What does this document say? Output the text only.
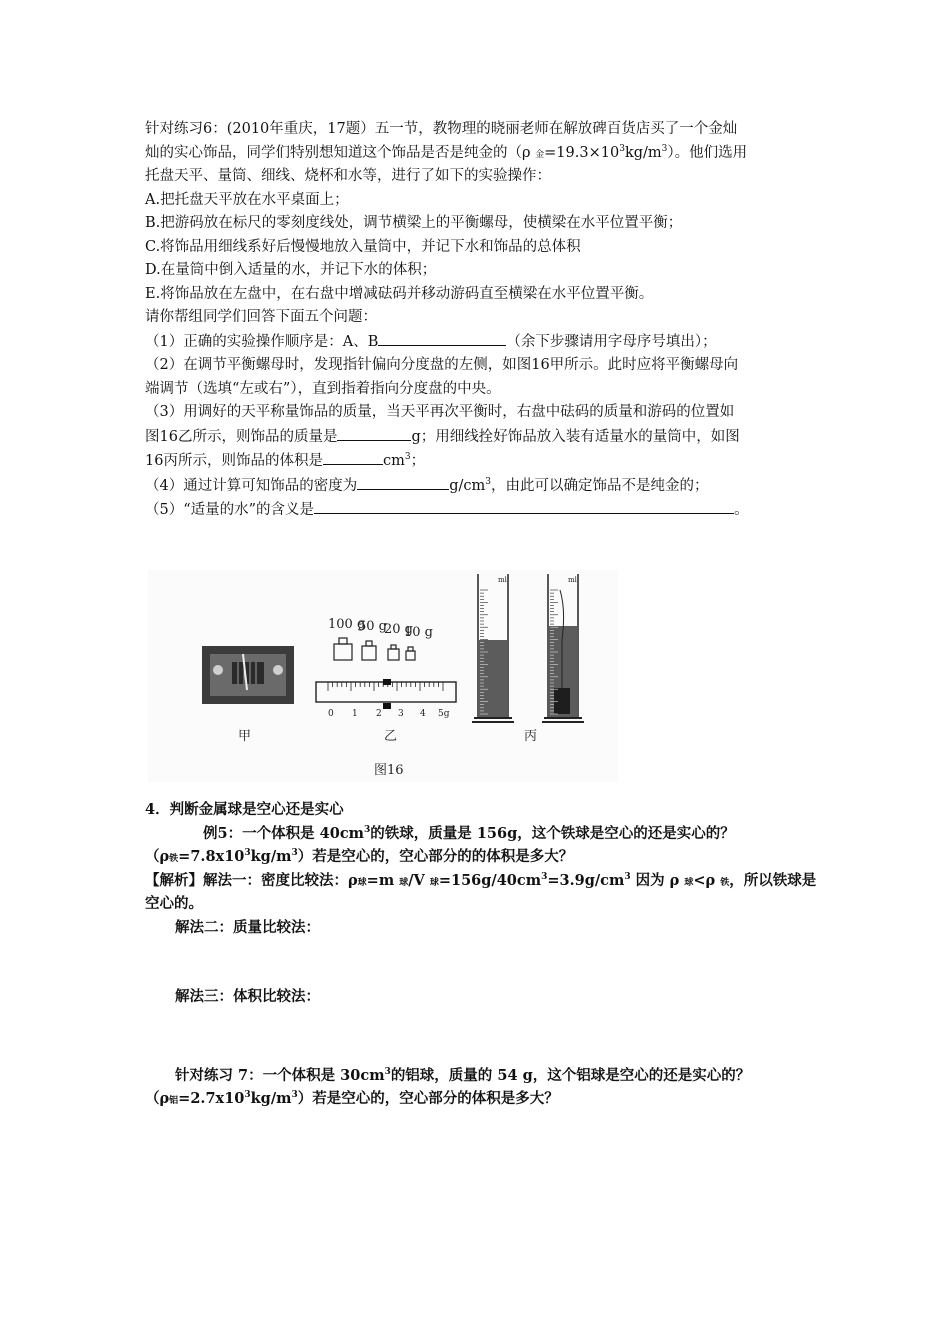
针对练习6：(2010年重庆，17题）五一节，教物理的晓丽老师在解放碑百货店买了一个金灿
灿的实心饰品，同学们特别想知道这个饰品是否是纯金的（ρ 金$=19.3\times 10^3kg/m^3$）。他们选用
托盘天平、量筒、细线、烧杯和水等，进行了如下的实验操作：
A.把托盘天平放在水平桌面上；
B.把游码放在标尺的零刻度线处，调节横梁上的平衡螺母，使横梁在水平位置平衡；
C.将饰品用细线系好后慢慢地放入量筒中，并记下水和饰品的总体积
D.在量筒中倒入适量的水，并记下水的体积；
E.将饰品放在左盘中，在右盘中增减砝码并移动游码直至横梁在水平位置平衡。
请你帮组同学们回答下面五个问题：
（1）正确的实验操作顺序是：A、B	（余下步骤请用字母序号填出）；
（2）在调节平衡螺母时，发现指针偏向分度盘的左侧，如图16甲所示。此时应将平衡螺母向
端调节（选填“左或右”），直到指着指向分度盘的中央。
（3）用调好的天平称量饰品的质量，当天平再次平衡时，右盘中砝码的质量和游码的位置如
图16乙所示，则饰品的质量是	g；用细线拴好饰品放入装有适量水的量筒中，如图
16丙所示，则饰品的体积是	$cm^3$；
（4）通过计算可知饰品的密度为	$g/cm^3$，由此可以确定饰品不是纯金的；
（5）“适量的水”的含义是	。
100 g
50 g
20 g
10 g
0 1 2 3 4 5g
ml	ml
甲	乙	丙
图16
4．判断金属球是空心还是实心
例5：一个体积是 $40cm^3$的铁球，质量是 156g，这个铁球是空心的还是实心的？
（ρ铁$=7.8x10^3kg/m^3$）若是空心的，空心部分的的体积是多大？
【解析】解法一：密度比较法：ρ球=m 球/V 球$=156g/40cm^3=3.9g/cm^3$ 因为 ρ 球<ρ 铁，所以铁球是
空心的。
解法二：质量比较法：
解法三：体积比较法：
针对练习 7：一个体积是 $30cm^3$的铝球，质量的 54 g，这个铝球是空心的还是实心的？
（ρ铝$=2.7x10^3kg/m^3$）若是空心的，空心部分的体积是多大？
